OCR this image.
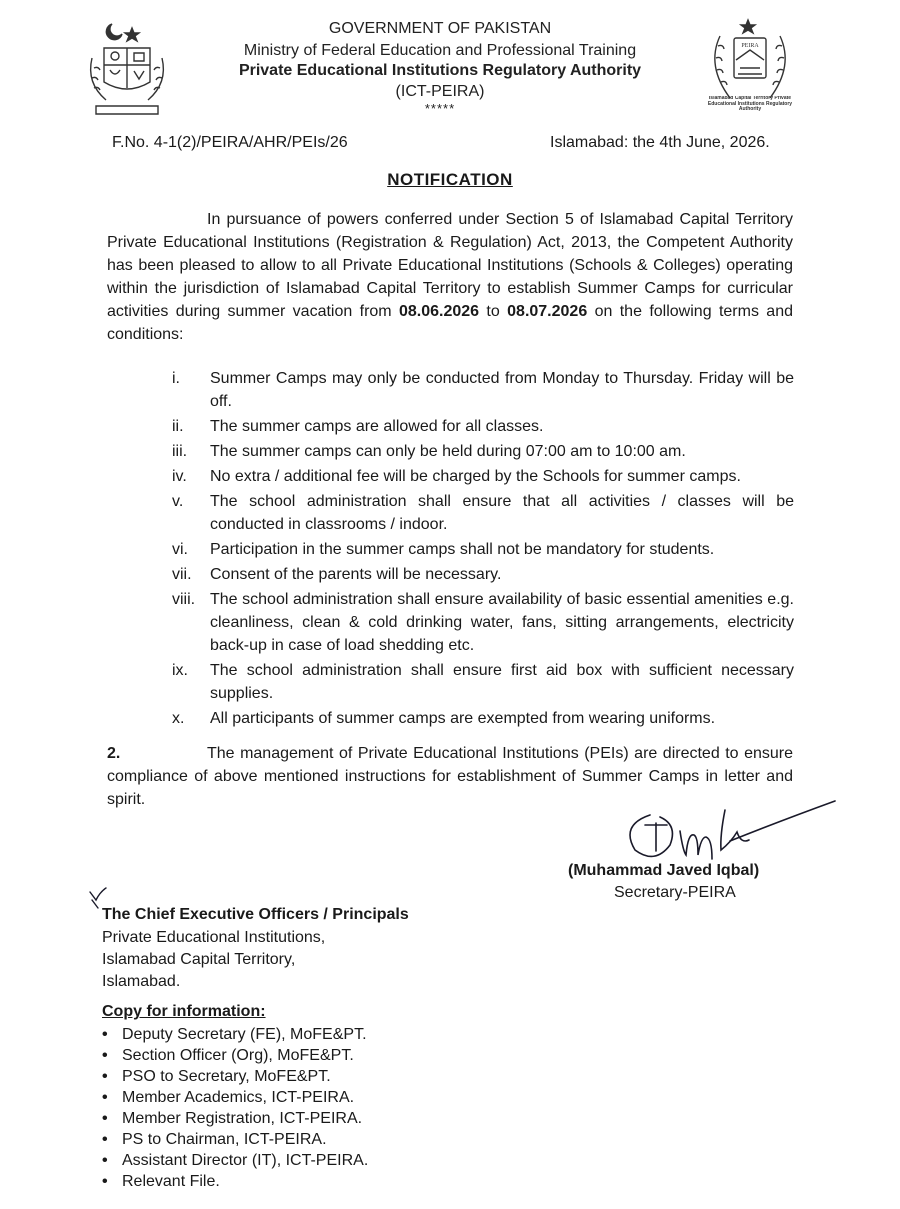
GOVERNMENT OF PAKISTAN
Ministry of Federal Education and Professional Training
Private Educational Institutions Regulatory Authority
(ICT-PEIRA)
*****
PEIRA
Islamabad Capital Territory Private Educational Institutions Regulatory Authority
F.No. 4-1(2)/PEIRA/AHR/PEIs/26	Islamabad: the 4th June, 2026.
NOTIFICATION
In pursuance of powers conferred under Section 5 of Islamabad Capital Territory Private Educational Institutions (Registration & Regulation) Act, 2013, the Competent Authority has been pleased to allow to all Private Educational Institutions (Schools & Colleges) operating within the jurisdiction of Islamabad Capital Territory to establish Summer Camps for curricular activities during summer vacation from 08.06.2026 to 08.07.2026 on the following terms and conditions:
i.	Summer Camps may only be conducted from Monday to Thursday. Friday will be off.
ii.	The summer camps are allowed for all classes.
iii.	The summer camps can only be held during 07:00 am to 10:00 am.
iv.	No extra / additional fee will be charged by the Schools for summer camps.
v.	The school administration shall ensure that all activities / classes will be conducted in classrooms / indoor.
vi.	Participation in the summer camps shall not be mandatory for students.
vii.	Consent of the parents will be necessary.
viii. The school administration shall ensure availability of basic essential amenities e.g. cleanliness, clean & cold drinking water, fans, sitting arrangements, electricity back-up in case of load shedding etc.
ix.	The school administration shall ensure first aid box with sufficient necessary supplies.
x.	All participants of summer camps are exempted from wearing uniforms.
2.	The management of Private Educational Institutions (PEIs) are directed to ensure compliance of above mentioned instructions for establishment of Summer Camps in letter and spirit.
(Muhammad Javed Iqbal)
Secretary-PEIRA
The Chief Executive Officers / Principals
Private Educational Institutions,
Islamabad Capital Territory,
Islamabad.
Copy for information:
• Deputy Secretary (FE), MoFE&PT.
• Section Officer (Org), MoFE&PT.
• PSO to Secretary, MoFE&PT.
• Member Academics, ICT-PEIRA.
• Member Registration, ICT-PEIRA.
• PS to Chairman, ICT-PEIRA.
• Assistant Director (IT), ICT-PEIRA.
• Relevant File.
